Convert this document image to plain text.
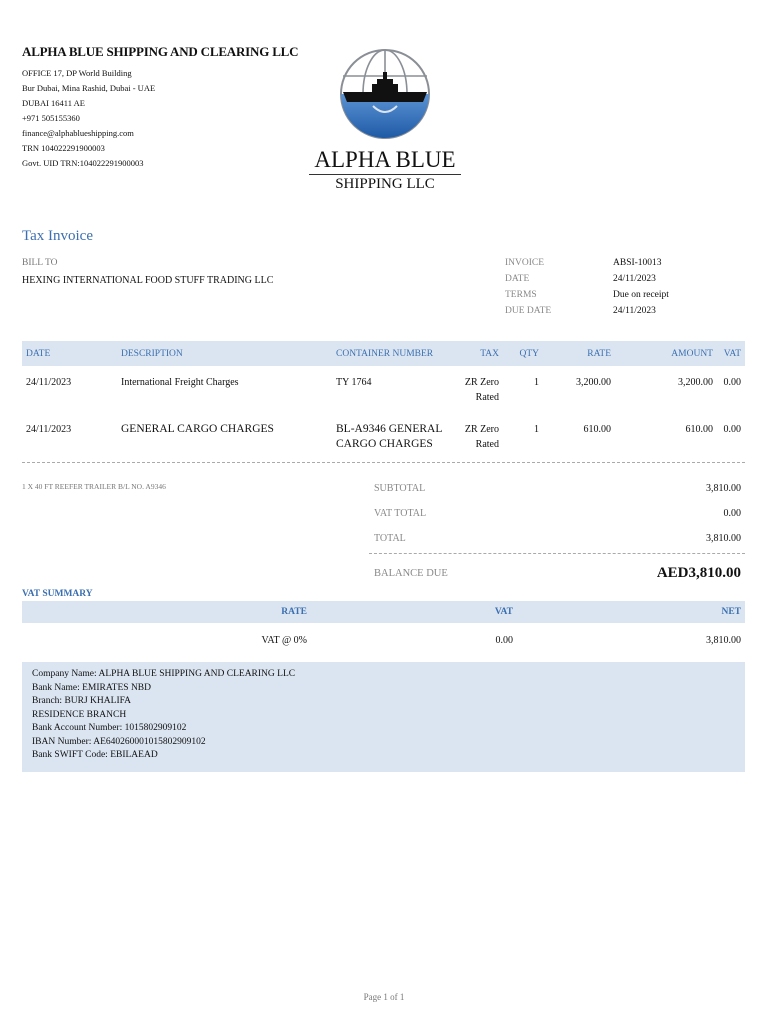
ALPHA BLUE SHIPPING AND CLEARING LLC
OFFICE 17, DP World Building
Bur Dubai, Mina Rashid, Dubai - UAE
DUBAI 16411 AE
+971 505155360
finance@alphablueshipping.com
TRN 104022291900003
Govt. UID TRN:104022291900003	ALPHA BLUE
SHIPPING LLC
Tax Invoice
BILL TO
HEXING INTERNATIONAL FOOD STUFF TRADING LLC
INVOICE	ABSI-10013
DATE	24/11/2023
TERMS	Due on receipt
DUE DATE	24/11/2023
DATE	DESCRIPTION	CONTAINER NUMBER	TAX	QTY	RATE	AMOUNT	VAT
24/11/2023	International Freight Charges	TY 1764	ZR Zero
Rated	1	3,200.00	3,200.00	0.00
24/11/2023	GENERAL CARGO CHARGES	BL-A9346 GENERAL CARGO CHARGES	ZR Zero
Rated	1	610.00	610.00	0.00
1 X 40 FT REEFER TRAILER B/L NO. A9346	SUBTOTAL	3,810.00
VAT TOTAL	0.00
TOTAL	3,810.00
BALANCE DUE	AED3,810.00
VAT SUMMARY
RATE	VAT	NET
VAT @ 0%	0.00	3,810.00
Company Name: ALPHA BLUE SHIPPING AND CLEARING LLC
Bank Name: EMIRATES NBD
Branch: BURJ KHALIFA
RESIDENCE BRANCH
Bank Account Number: 1015802909102
IBAN Number: AE640260001015802909102
Bank SWIFT Code: EBILAEAD
Page 1 of 1
